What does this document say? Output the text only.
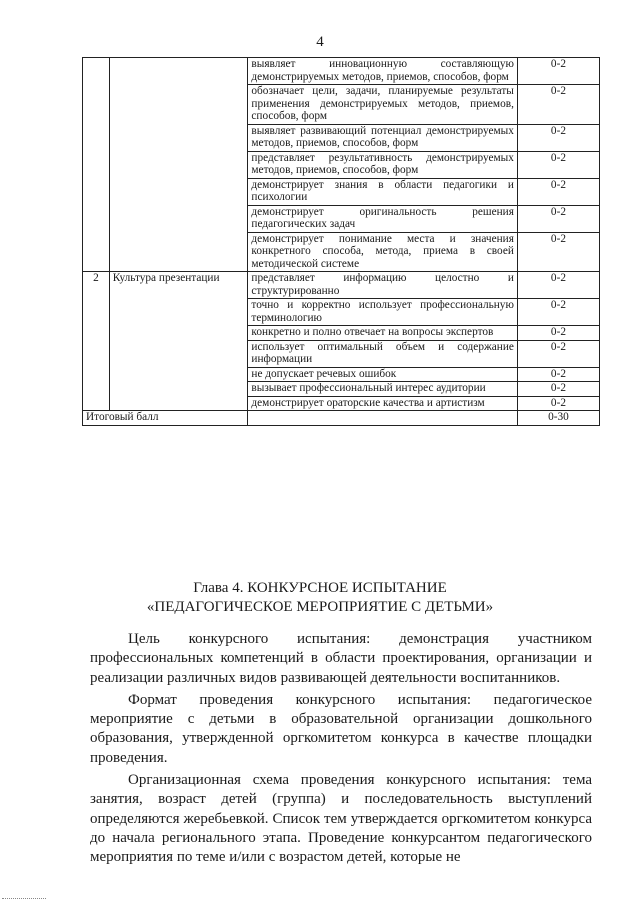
4
		выявляет инновационную составляющую демонстрируемых методов, приемов, способов, форм	0-2
		обозначает цели, задачи, планируемые результаты применения демонстрируемых методов, приемов, способов, форм	0-2
		выявляет развивающий потенциал демонстрируемых методов, приемов, способов, форм	0-2
		представляет результативность демонстрируемых методов, приемов, способов, форм	0-2
		демонстрирует знания в области педагогики и психологии	0-2
		демонстрирует оригинальность решения педагогических задач	0-2
		демонстрирует понимание места и значения конкретного способа, метода, приема в своей методической системе	0-2
2	Культура презентации	представляет информацию целостно и структурированно	0-2
		точно и корректно использует профессиональную терминологию	0-2
		конкретно и полно отвечает на вопросы экспертов	0-2
		использует оптимальный объем и содержание информации	0-2
		не допускает речевых ошибок	0-2
		вызывает профессиональный интерес аудитории	0-2
		демонстрирует ораторские качества и артистизм	0-2
Итоговый балл			0-30
Глава 4. КОНКУРСНОЕ ИСПЫТАНИЕ
«ПЕДАГОГИЧЕСКОЕ МЕРОПРИЯТИЕ С ДЕТЬМИ»

Цель конкурсного испытания: демонстрация участником профессиональных компетенций в области проектирования, организации и реализации различных видов развивающей деятельности воспитанников.

Формат проведения конкурсного испытания: педагогическое мероприятие с детьми в образовательной организации дошкольного образования, утвержденной оргкомитетом конкурса в качестве площадки проведения.

Организационная схема проведения конкурсного испытания: тема занятия, возраст детей (группа) и последовательность выступлений определяются жеребьевкой. Список тем утверждается оргкомитетом конкурса до начала регионального этапа. Проведение конкурсантом педагогического мероприятия по теме и/или с возрастом детей, которые не
